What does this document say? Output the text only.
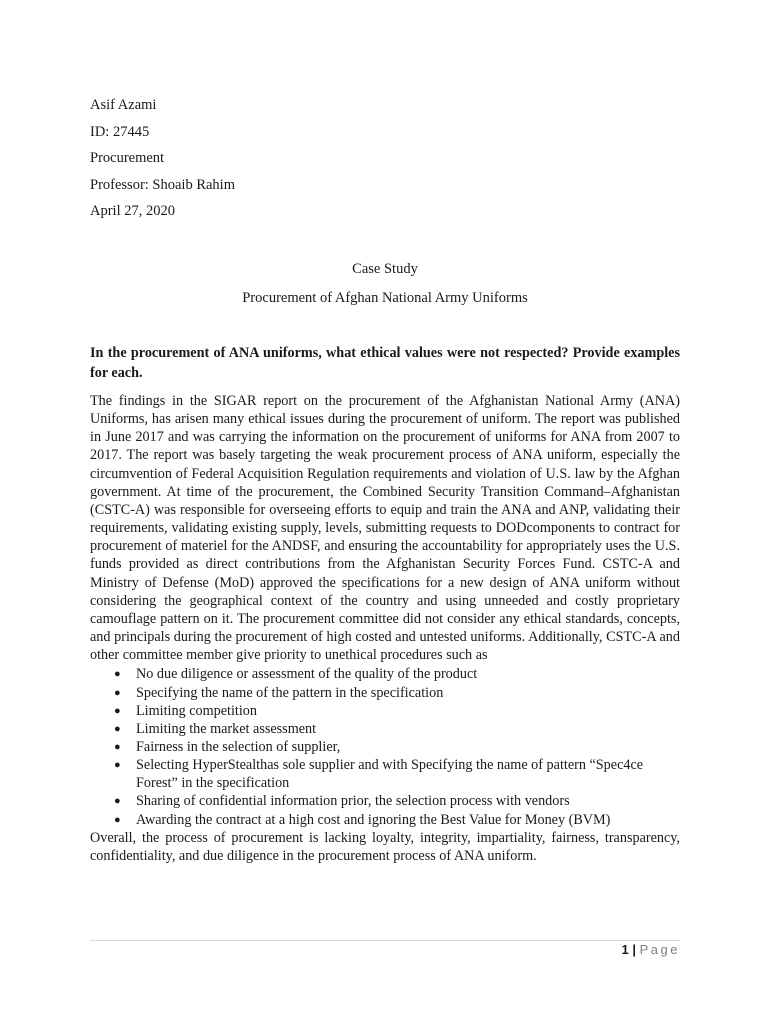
Asif Azami
ID: 27445
Procurement
Professor: Shoaib Rahim
April 27, 2020
Case Study
Procurement of Afghan National Army Uniforms
In the procurement of ANA uniforms, what ethical values were not respected? Provide examples for each.

The findings in the SIGAR report on the procurement of the Afghanistan National Army (ANA) Uniforms, has arisen many ethical issues during the procurement of uniform. The report was published in June 2017 and was carrying the information on the procurement of uniforms for ANA from 2007 to 2017. The report was basely targeting the weak procurement process of ANA uniform, especially the circumvention of Federal Acquisition Regulation requirements and violation of U.S. law by the Afghan government. At time of the procurement, the Combined Security Transition Command–Afghanistan (CSTC-A) was responsible for overseeing efforts to equip and train the ANA and ANP, validating their requirements, validating existing supply, levels, submitting requests to DODcomponents to contract for procurement of materiel for the ANDSF, and ensuring the accountability for appropriately uses the U.S. funds provided as direct contributions from the Afghanistan Security Forces Fund. CSTC-A and Ministry of Defense (MoD) approved the specifications for a new design of ANA uniform without considering the geographical context of the country and using unneeded and costly proprietary camouflage pattern on it. The procurement committee did not consider any ethical standards, concepts, and principals during the procurement of high costed and untested uniforms. Additionally, CSTC-A and other committee member give priority to unethical procedures such as

● No due diligence or assessment of the quality of the product
● Specifying the name of the pattern in the specification
● Limiting competition
● Limiting the market assessment
● Fairness in the selection of supplier,
● Selecting HyperStealthas sole supplier and with Specifying the name of pattern “Spec4ce Forest” in the specification
● Sharing of confidential information prior, the selection process with vendors
● Awarding the contract at a high cost and ignoring the Best Value for Money (BVM)

Overall, the process of procurement is lacking loyalty, integrity, impartiality, fairness, transparency, confidentiality, and due diligence in the procurement process of ANA uniform.

1 | Page
